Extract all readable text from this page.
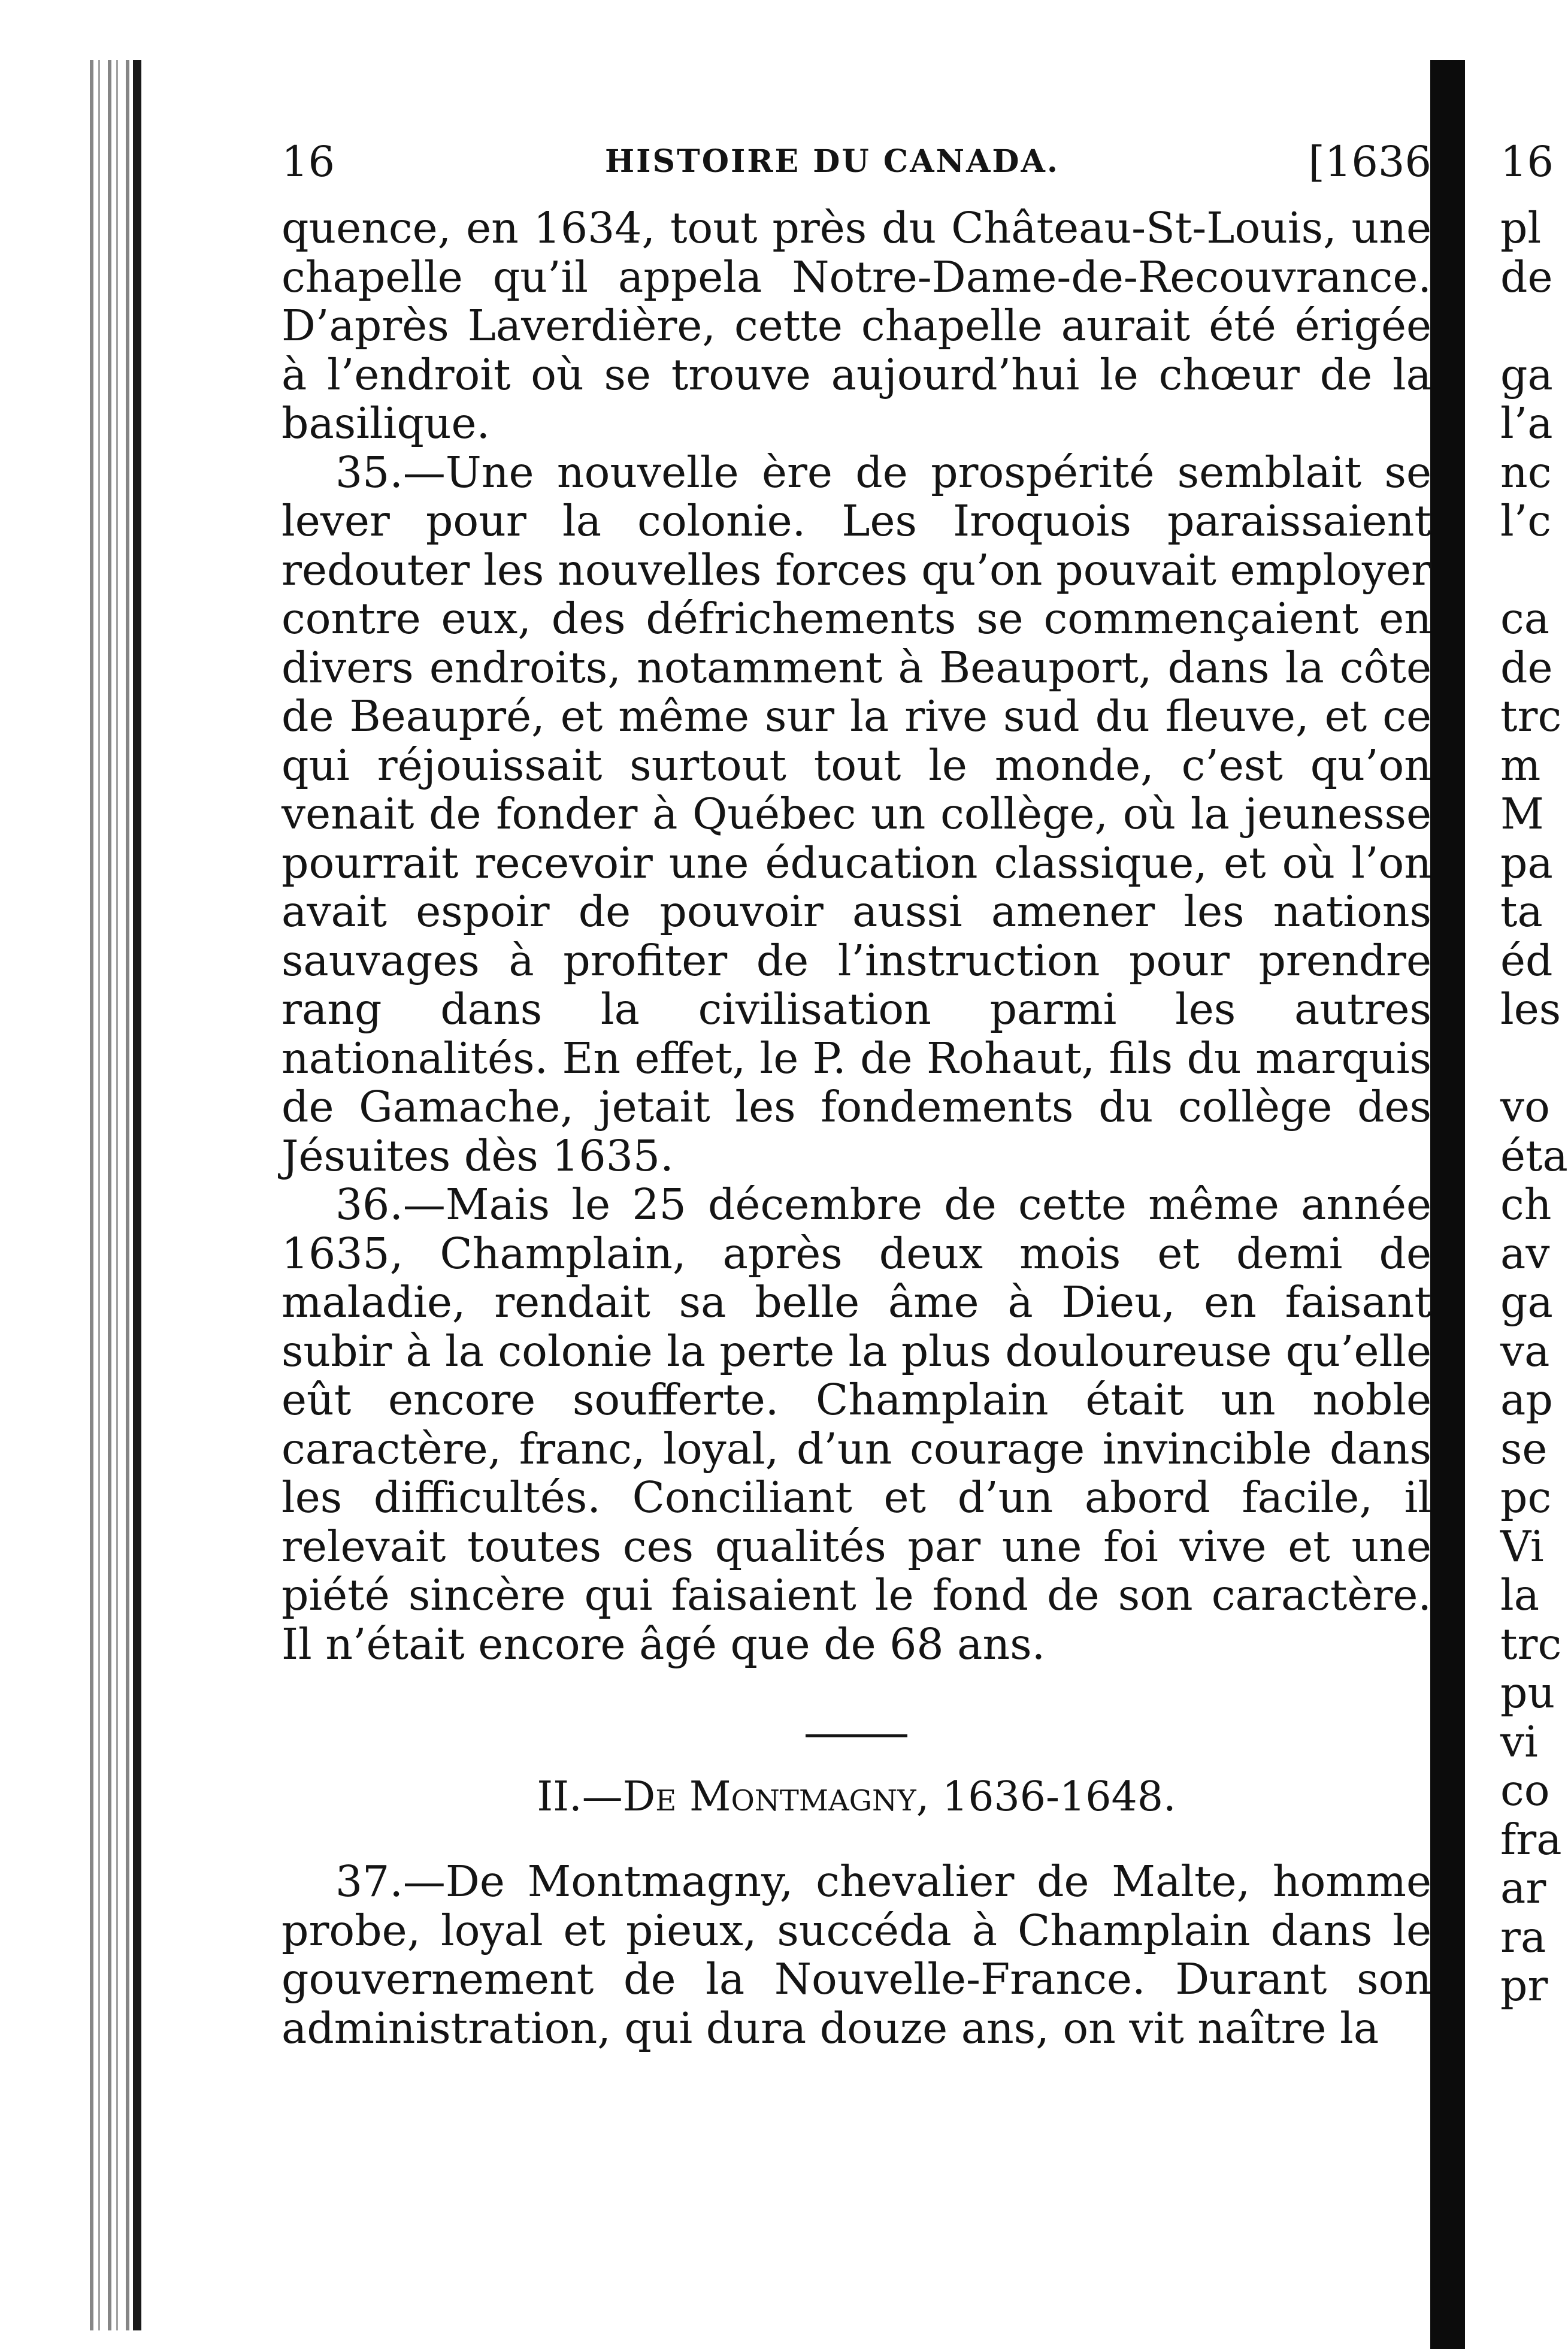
16	HISTOIRE DU CANADA.	[1636

quence, en 1634, tout près du Château-St-Louis, une chapelle qu’il appela Notre-Dame-de-Recouvrance. D’après Laverdière, cette chapelle aurait été érigée à l’endroit où se trouve aujourd’hui le chœur de la basilique.

35.—Une nouvelle ère de prospérité semblait se lever pour la colonie. Les Iroquois paraissaient redouter les nouvelles forces qu’on pouvait employer contre eux, des défrichements se commençaient en divers endroits, notamment à Beauport, dans la côte de Beaupré, et même sur la rive sud du fleuve, et ce qui réjouissait surtout tout le monde, c’est qu’on venait de fonder à Québec un collège, où la jeunesse pourrait recevoir une éducation classique, et où l’on avait espoir de pouvoir aussi amener les nations sauvages à profiter de l’instruction pour prendre rang dans la civilisation parmi les autres nationalités. En effet, le P. de Rohaut, fils du marquis de Gamache, jetait les fondements du collège des Jésuites dès 1635.

36.—Mais le 25 décembre de cette même année 1635, Champlain, après deux mois et demi de maladie, rendait sa belle âme à Dieu, en faisant subir à la colonie la perte la plus douloureuse qu’elle eût encore soufferte. Champlain était un noble caractère, franc, loyal, d’un courage invincible dans les difficultés. Conciliant et d’un abord facile, il relevait toutes ces qualités par une foi vive et une piété sincère qui faisaient le fond de son caractère. Il n’était encore âgé que de 68 ans.

II.—De Montmagny, 1636-1648.

37.—De Montmagny, chevalier de Malte, homme probe, loyal et pieux, succéda à Champlain dans le gouvernement de la Nouvelle-France. Durant son administration, qui dura douze ans, on vit naître la

16
pl
de
ga
l’a
nc
l’c
ca
de
trc
m
M
pa
ta
éd
les
vo
éta
ch
av
ga
va
ap
se
pc
Vi
la
trc
pu
vi
co
fra
ar
ra
pr
